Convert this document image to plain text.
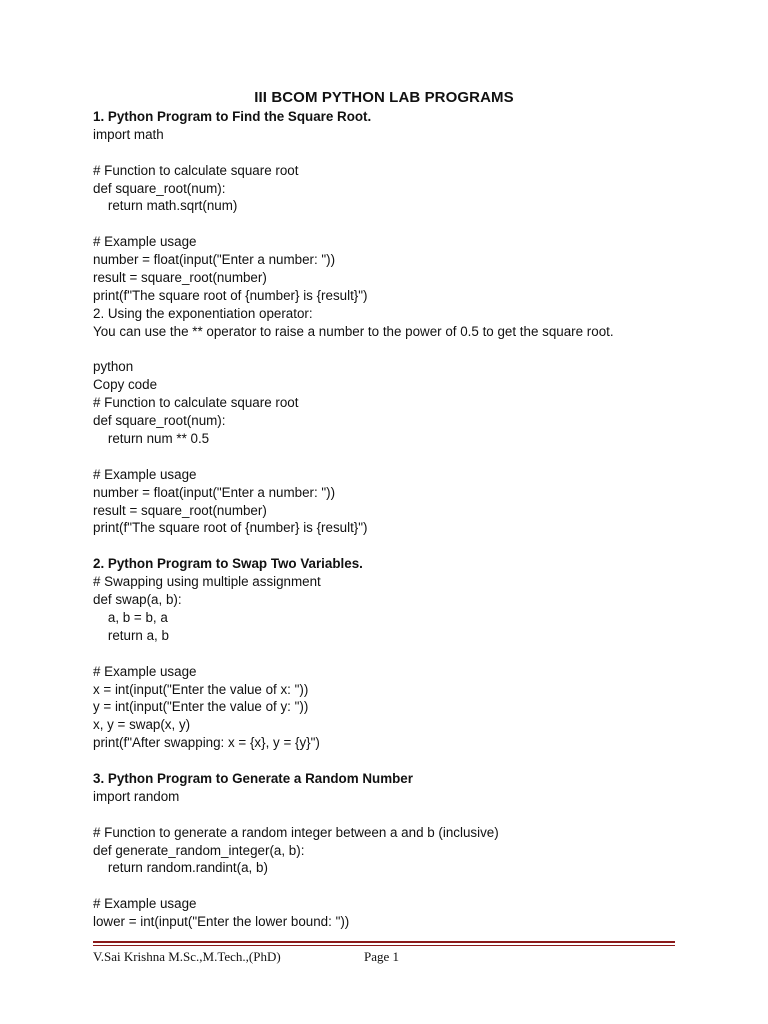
III BCOM PYTHON LAB PROGRAMS
1. Python Program to Find the Square Root.
import math
# Function to calculate square root
def square_root(num):
return math.sqrt(num)
# Example usage
number = float(input("Enter a number: "))
result = square_root(number)
print(f"The square root of {number} is {result}")
2. Using the exponentiation operator:
You can use the ** operator to raise a number to the power of 0.5 to get the square root.
python
Copy code
# Function to calculate square root
def square_root(num):
return num ** 0.5
# Example usage
number = float(input("Enter a number: "))
result = square_root(number)
print(f"The square root of {number} is {result}")
2. Python Program to Swap Two Variables.
# Swapping using multiple assignment
def swap(a, b):
a, b = b, a
return a, b
# Example usage
x = int(input("Enter the value of x: "))
y = int(input("Enter the value of y: "))
x, y = swap(x, y)
print(f"After swapping: x = {x}, y = {y}")
3. Python Program to Generate a Random Number
import random
# Function to generate a random integer between a and b (inclusive)
def generate_random_integer(a, b):
return random.randint(a, b)
# Example usage
lower = int(input("Enter the lower bound: "))
V.Sai Krishna M.Sc.,M.Tech.,(PhD)	Page 1
